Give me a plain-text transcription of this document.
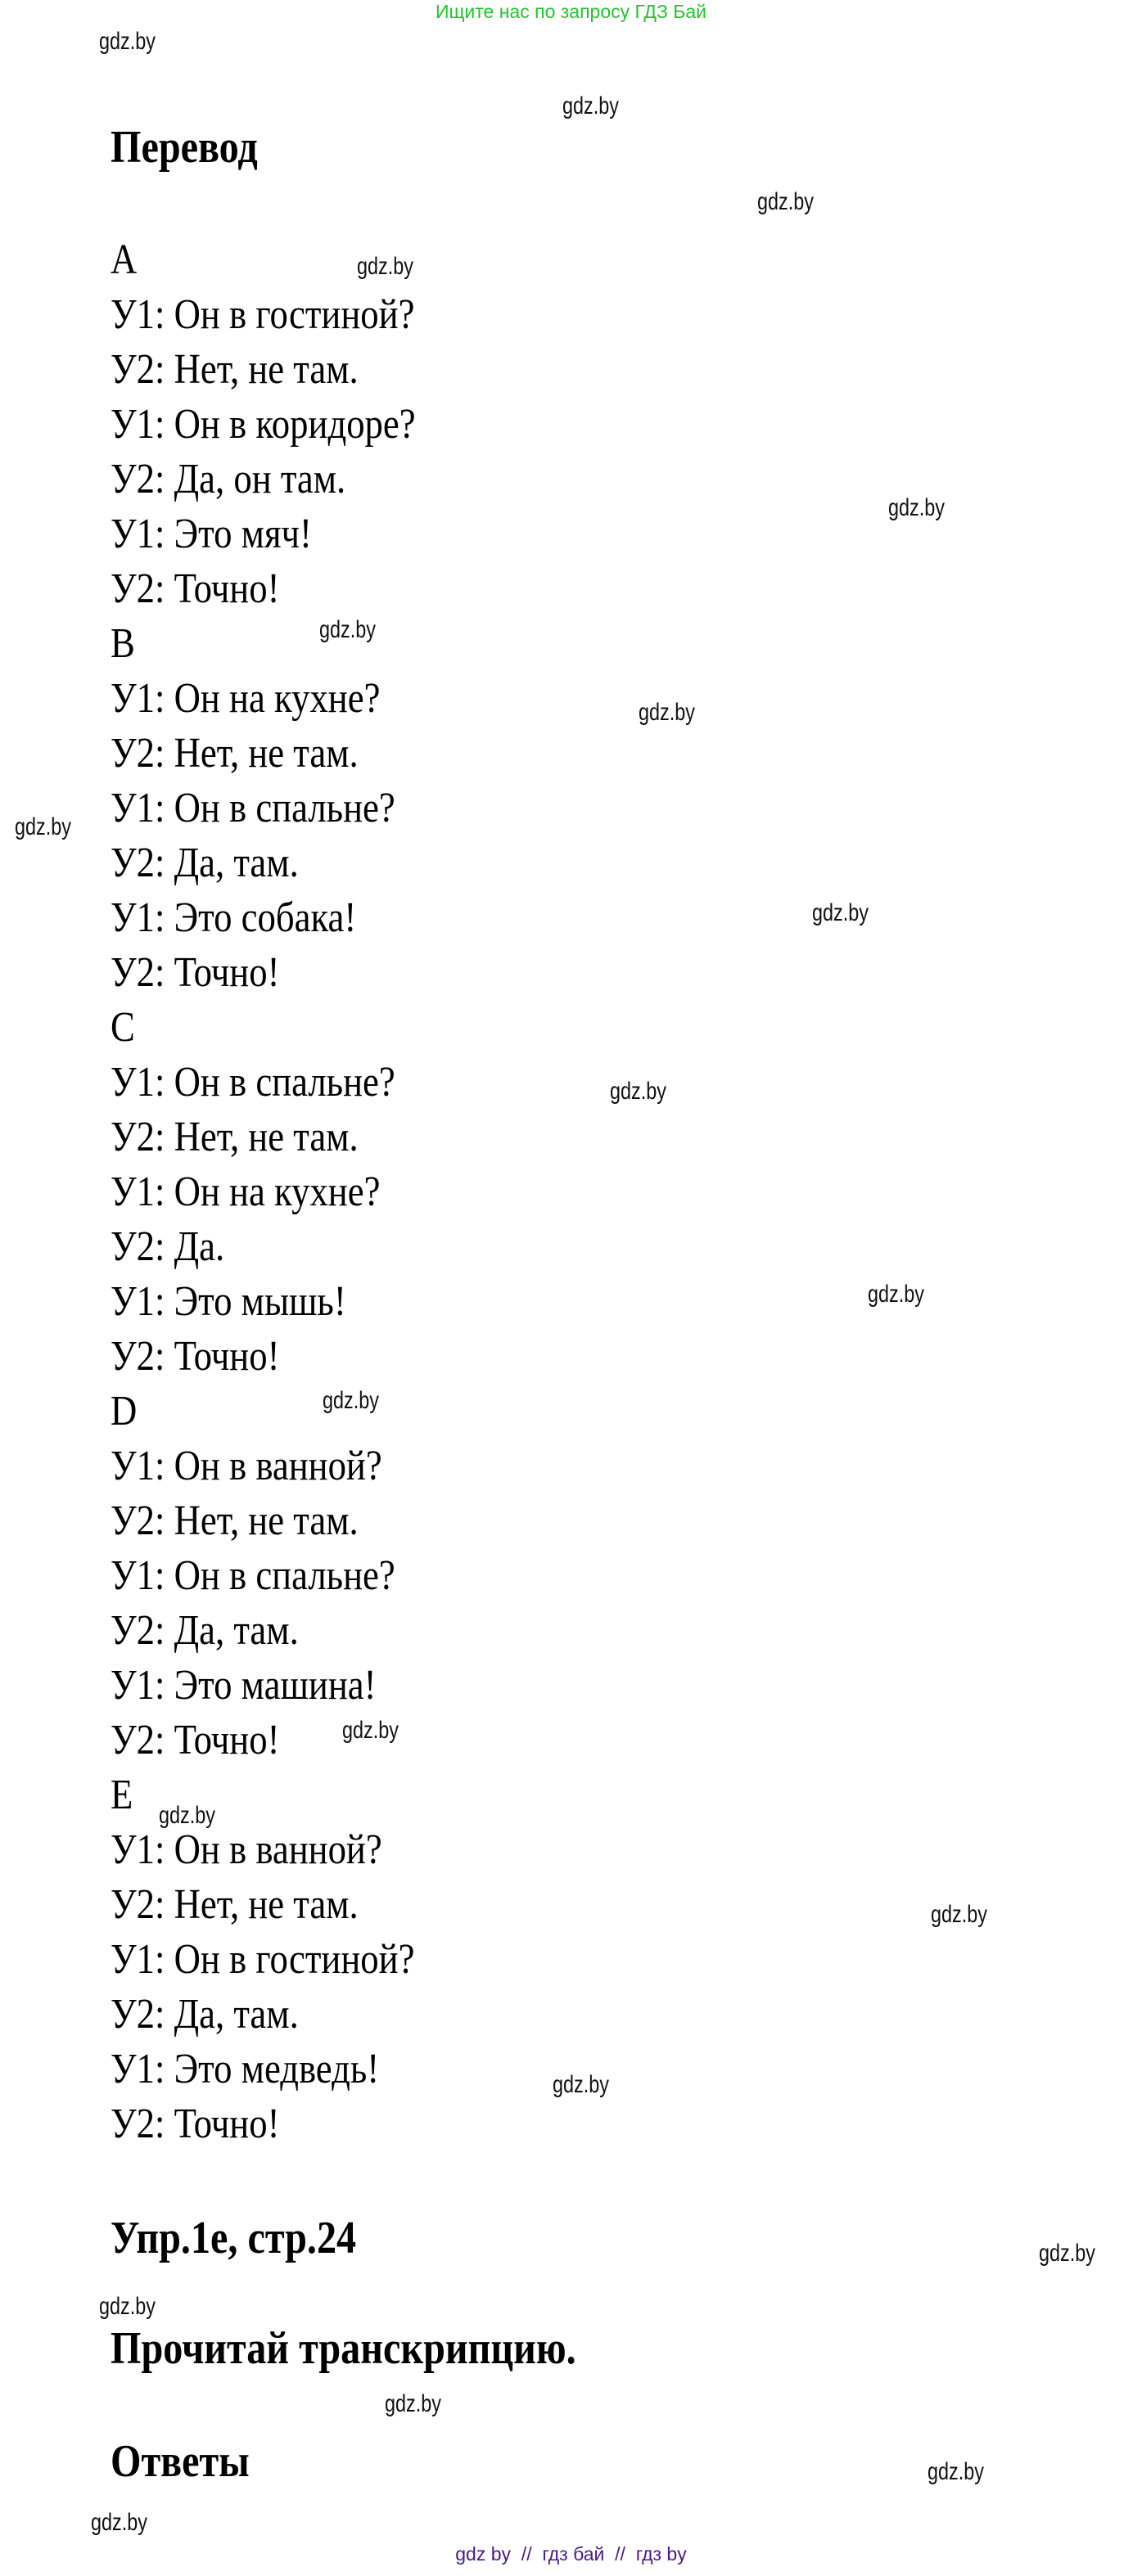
Ищите нас по запросу ГДЗ Бай
Перевод
A
У1: Он в гостиной?
У2: Нет, не там.
У1: Он в коридоре?
У2: Да, он там.
У1: Это мяч!
У2: Точно!
B
У1: Он на кухне?
У2: Нет, не там.
У1: Он в спальне?
У2: Да, там.
У1: Это собака!
У2: Точно!
C
У1: Он в спальне?
У2: Нет, не там.
У1: Он на кухне?
У2: Да.
У1: Это мышь!
У2: Точно!
D
У1: Он в ванной?
У2: Нет, не там.
У1: Он в спальне?
У2: Да, там.
У1: Это машина!
У2: Точно!
E
У1: Он в ванной?
У2: Нет, не там.
У1: Он в гостиной?
У2: Да, там.
У1: Это медведь!
У2: Точно!
Упр.1е, стр.24
Прочитай транскрипцию.
Ответы
gdz.by
gdz.by
gdz.by
gdz.by
gdz.by
gdz.by
gdz.by
gdz.by
gdz.by
gdz.by
gdz.by
gdz.by
gdz.by
gdz.by
gdz.by
gdz.by
gdz.by
gdz.by
gdz.by
gdz.by
gdz.by
gdz by  //  гдз бай  //  гдз by
